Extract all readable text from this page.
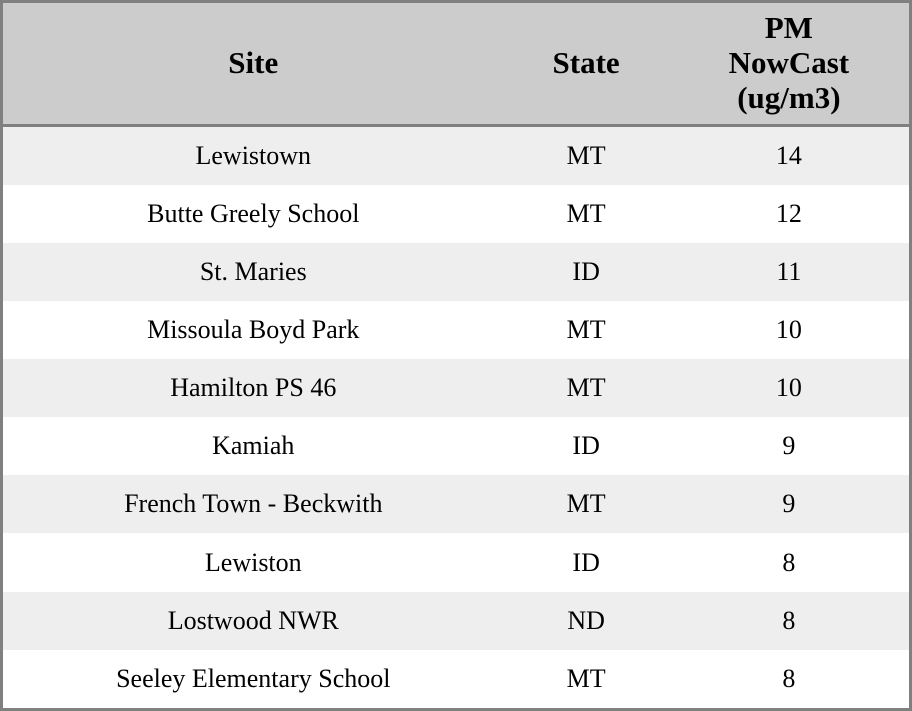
Site	State	PM
NowCast
(ug/m3)

Lewistown	MT	14
Butte Greely School	MT	12
St. Maries	ID	11
Missoula Boyd Park	MT	10
Hamilton PS 46	MT	10
Kamiah	ID	9
French Town - Beckwith	MT	9
Lewiston	ID	8
Lostwood NWR	ND	8
Seeley Elementary School	MT	8
